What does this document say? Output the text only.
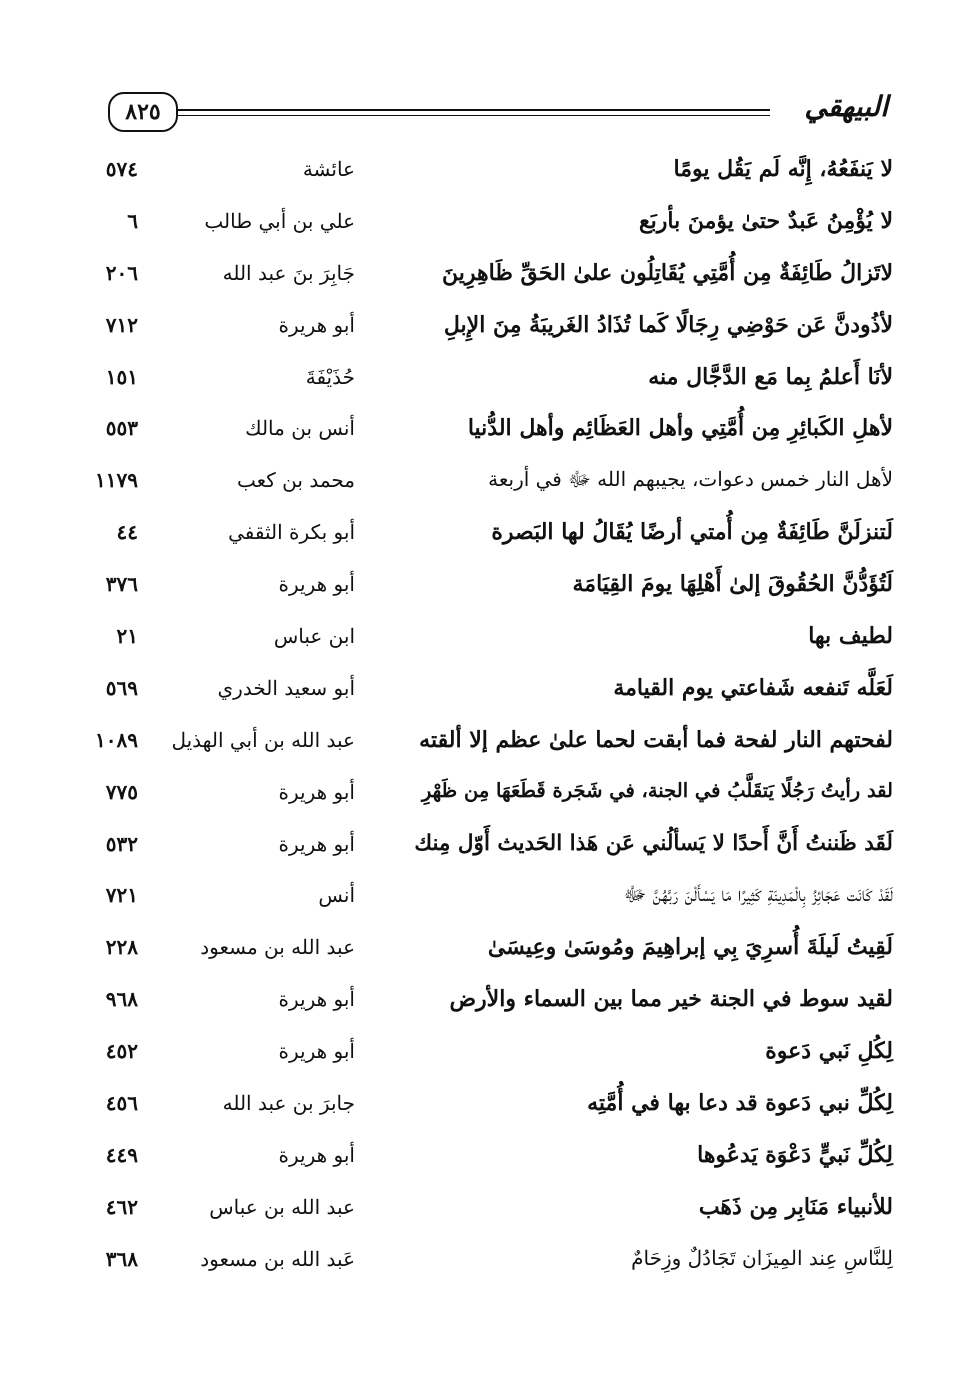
٨٢٥	البيهقي
لا يَنفَعُهُ، إِنَّه لَم يَقُل يومًا
عائشة
٥٧٤
لا يُؤْمِنُ عَبدٌ حتىٰ يؤمنَ بأربَع
علي بن أبي طالب
٦
لاتَزالُ طَائِفَةٌ مِن أُمَّتِي يُقَاتِلُون علىٰ الحَقِّ ظَاهِرِينَ
جَابِرَ بنَ عبد الله
٢٠٦
لأذُودنَّ عَن حَوْضِي رِجَالًا كَما تُذَادُ الغَريبَةُ مِنَ الإِبلِ
أبو هريرة
٧١٢
لأنَا أَعلمُ بِما مَع الدَّجَّال منه
حُذَيْفَةَ
١٥١
لأهلِ الكَبائِرِ مِن أُمَّتِي وأهل العَظَائِم وأهل الدُّنيا
أنس بن مالك
٥٥٣
لأهل النار خمس دعوات، يجيبهم الله ﷻ في أربعة
محمد بن كعب
١١٧٩
لَتنزلَنَّ طَائِفَةٌ مِن أُمتي أرضًا يُقَالُ لها البَصرة
أبو بكرة الثقفي
٤٤
لَتُؤَدُّنَّ الحُقُوقَ إلىٰ أَهْلِهَا يومَ القِيَامَة
أبو هريرة
٣٧٦
لطيف بها
ابن عباس
٢١
لَعَلَّه تَنفعه شَفاعتي يوم القيامة
أبو سعيد الخدري
٥٦٩
لفحتهم النار لفحة فما أبقت لحما علىٰ عظم إلا ألقته
عبد الله بن أبي الهذيل
١٠٨٩
لقد رأيتُ رَجُلًا يَتقَلَّبُ في الجنة، في شَجَرة قَطَعَهَا مِن ظَهْرِ
أبو هريرة
٧٧٥
لَقَد ظَننتُ أَنَّ أَحدًا لا يَسألُني عَن هَذا الحَديث أَوّل مِنك
أبو هريرة
٥٣٢
لَقَدْ كَانَت عَجَائِزُ بِالْمَدِينَةِ كَثِيرًا مَا يَسْأَلْنَ رَبَّهُنَّ ﷻ
أنس
٧٢١
لَقِيتُ لَيلَةَ أُسرِيَ بِي إبراهِيمَ ومُوسَىٰ وعِيسَىٰ
عبد الله بن مسعود
٢٢٨
لقيد سوط في الجنة خير مما بين السماء والأرض
أبو هريرة
٩٦٨
لِكُلِ نَبي دَعوة
أبو هريرة
٤٥٢
لِكُلِّ نبي دَعوة قد دعا بها في أُمَّتِه
جابرَ بن عبد الله
٤٥٦
لِكُلِّ نَبيٍّ دَعْوَة يَدعُوها
أبو هريرة
٤٤٩
للأنبياء مَنَابِر مِن ذَهَب
عبد الله بن عباس
٤٦٢
لِلنَّاسِ عِند المِيزَان تَجَادُلٌ وزِحَامٌ
عَبد الله بن مسعود
٣٦٨
